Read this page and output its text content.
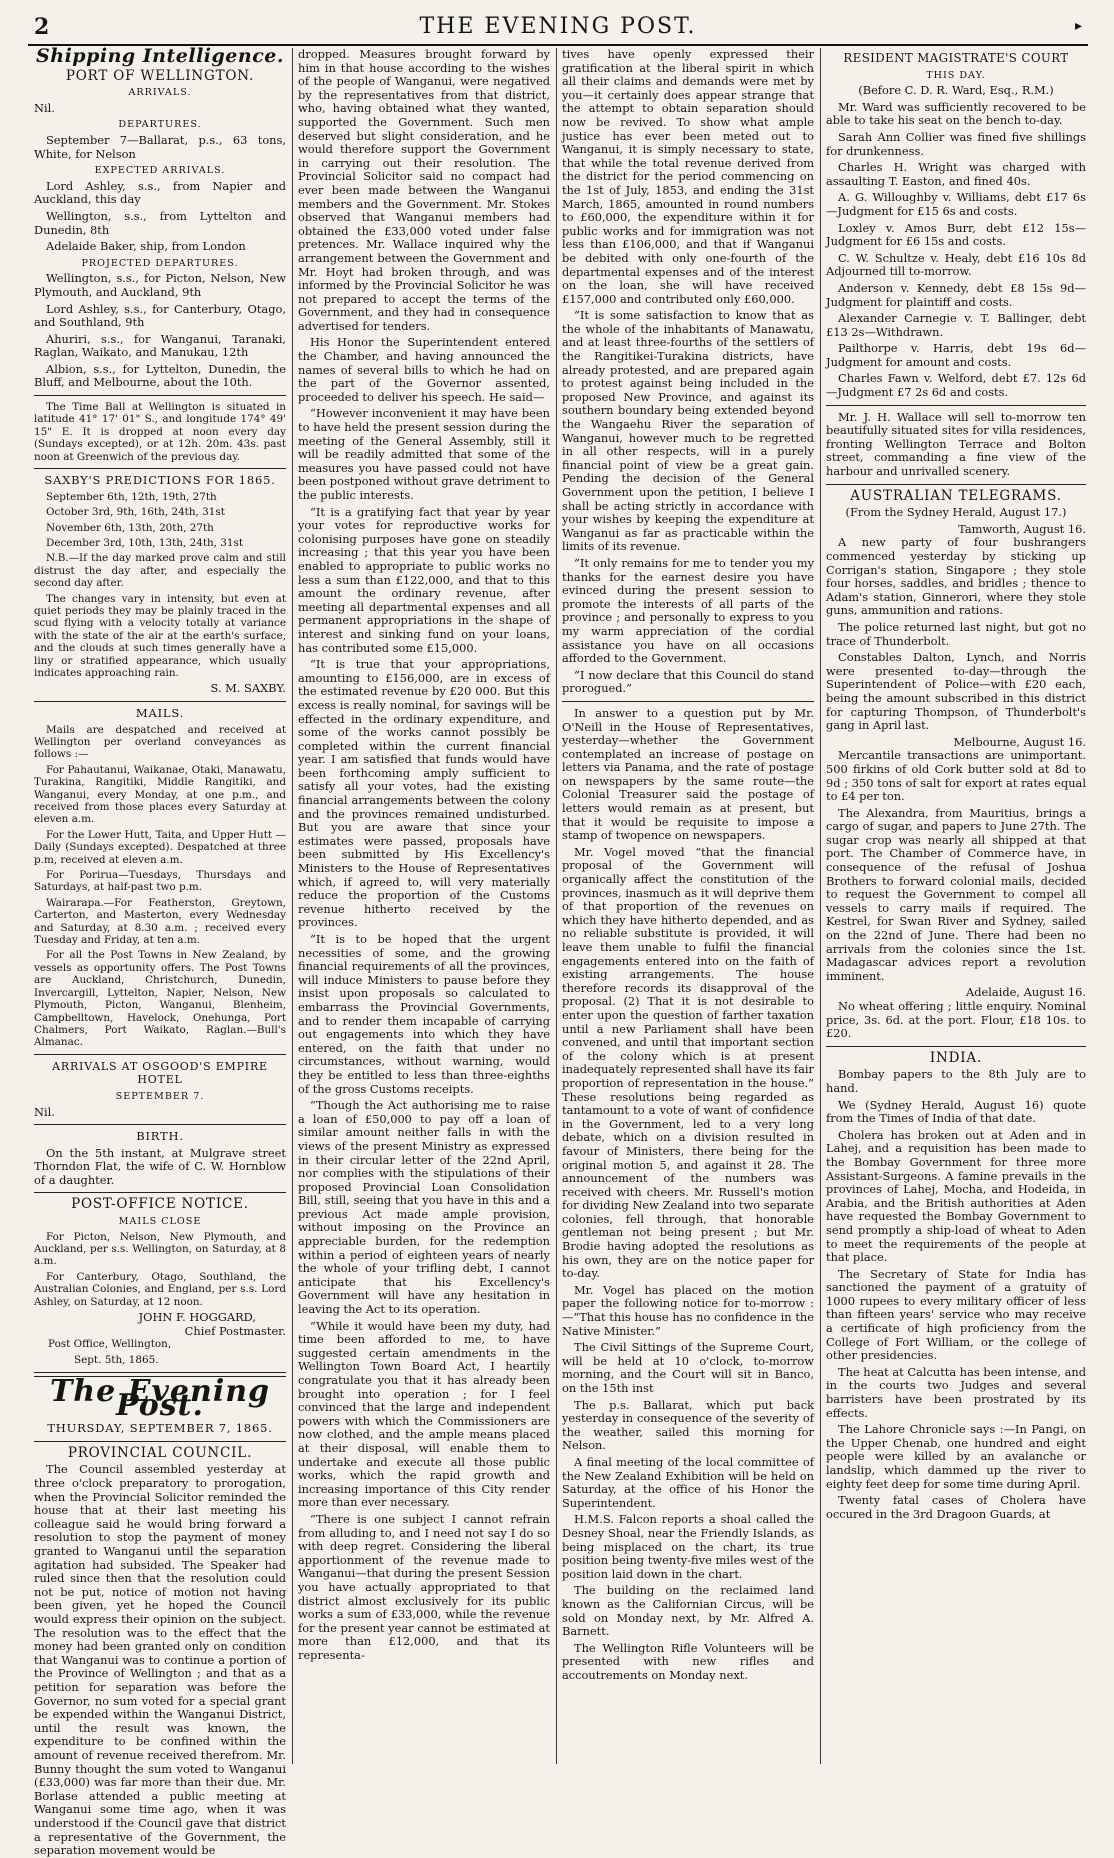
2	THE EVENING POST.	▸
Shipping Intelligence.
PORT OF WELLINGTON.
ARRIVALS.

Nil.

DEPARTURES.

September 7—Ballarat, p.s., 63 tons, White, for Nelson

EXPECTED ARRIVALS.

Lord Ashley, s.s., from Napier and Auckland, this day

Wellington, s.s., from Lyttelton and Dunedin, 8th

Adelaide Baker, ship, from London

PROJECTED DEPARTURES.

Wellington, s.s., for Picton, Nelson, New Plymouth, and Auckland, 9th

Lord Ashley, s.s., for Canterbury, Otago, and Southland, 9th

Ahuriri, s.s., for Wanganui, Taranaki, Raglan, Waikato, and Manukau, 12th

Albion, s.s., for Lyttelton, Dunedin, the Bluff, and Melbourne, about the 10th.

The Time Ball at Wellington is situated in latitude 41° 17' 01" S., and longitude 174° 49' 15" E. It is dropped at noon every day (Sundays excepted), or at 12h. 20m. 43s. past noon at Greenwich of the previous day.

SAXBY'S PREDICTIONS FOR 1865.

September 6th, 12th, 19th, 27th

October 3rd, 9th, 16th, 24th, 31st

November 6th, 13th, 20th, 27th

December 3rd, 10th, 13th, 24th, 31st

N.B.—If the day marked prove calm and still distrust the day after, and especially the second day after.

The changes vary in intensity, but even at quiet periods they may be plainly traced in the scud flying with a velocity totally at variance with the state of the air at the earth's surface, and the clouds at such times generally have a liny or stratified appearance, which usually indicates approaching rain.

S. M. SAXBY.
MAILS.

Mails are despatched and received at Wellington per overland conveyances as follows :—

For Pahautanui, Waikanae, Otaki, Manawatu, Turakina, Rangitiki, Middle Rangitiki, and Wanganui, every Monday, at one p.m., and received from those places every Saturday at eleven a.m.

For the Lower Hutt, Taita, and Upper Hutt —Daily (Sundays excepted). Despatched at three p.m, received at eleven a.m.

For Porirua—Tuesdays, Thursdays and Saturdays, at half-past two p.m.

Wairarapa.—For Featherston, Greytown, Carterton, and Masterton, every Wednesday and Saturday, at 8.30 a.m. ; received every Tuesday and Friday, at ten a.m.

For all the Post Towns in New Zealand, by vessels as opportunity offers. The Post Towns are Auckland, Christchurch, Dunedin, Invercargill, Lyttelton, Napier, Nelson, New Plymouth, Picton, Wanganui, Blenheim, Campbelltown, Havelock, Onehunga, Port Chalmers, Port Waikato, Raglan.—Bull's Almanac.

ARRIVALS AT OSGOOD'S EMPIRE HOTEL
SEPTEMBER 7.

Nil.

BIRTH.

On the 5th instant, at Mulgrave street Thorndon Flat, the wife of C. W. Hornblow of a daughter.

POST-OFFICE NOTICE.
MAILS CLOSE

For Picton, Nelson, New Plymouth, and Auckland, per s.s. Wellington, on Saturday, at 8 a.m.

For Canterbury, Otago, Southland, the Australian Colonies, and England, per s.s. Lord Ashley, on Saturday, at 12 noon.

JOHN F. HOGGARD,
Chief Postmaster.

Post Office, Wellington,

Sept. 5th, 1865.

The Evening Post.
THURSDAY, SEPTEMBER 7, 1865.
PROVINCIAL COUNCIL.

The Council assembled yesterday at three o'clock preparatory to prorogation, when the Provincial Solicitor reminded the house that at their last meeting his colleague said he would bring forward a resolution to stop the payment of money granted to Wanganui until the separation agitation had subsided. The Speaker had ruled since then that the resolution could not be put, notice of motion not having been given, yet he hoped the Council would express their opinion on the subject. The resolution was to the effect that the money had been granted only on condition that Wanganui was to continue a portion of the Province of Wellington ; and that as a petition for separation was before the Governor, no sum voted for a special grant be expended within the Wanganui District, until the result was known, the expenditure to be confined within the amount of revenue received therefrom. Mr. Bunny thought the sum voted to Wanganui (£33,000) was far more than their due. Mr. Borlase attended a public meeting at Wanganui some time ago, when it was understood if the Council gave that district a representative of the Government, the separation movement would be

dropped. Measures brought forward by him in that house according to the wishes of the people of Wanganui, were negatived by the representatives from that district, who, having obtained what they wanted, supported the Government. Such men deserved but slight consideration, and he would therefore support the Government in carrying out their resolution. The Provincial Solicitor said no compact had ever been made between the Wanganui members and the Government. Mr. Stokes observed that Wanganui members had obtained the £33,000 voted under false pretences. Mr. Wallace inquired why the arrangement between the Government and Mr. Hoyt had broken through, and was informed by the Provincial Solicitor he was not prepared to accept the terms of the Government, and they had in consequence advertised for tenders.

His Honor the Superintendent entered the Chamber, and having announced the names of several bills to which he had on the part of the Governor assented, proceeded to deliver his speech. He said—

“However inconvenient it may have been to have held the present session during the meeting of the General Assembly, still it will be readily admitted that some of the measures you have passed could not have been postponed without grave detriment to the public interests.

“It is a gratifying fact that year by year your votes for reproductive works for colonising purposes have gone on steadily increasing ; that this year you have been enabled to appropriate to public works no less a sum than £122,000, and that to this amount the ordinary revenue, after meeting all departmental expenses and all permanent appropriations in the shape of interest and sinking fund on your loans, has contributed some £15,000.

“It is true that your appropriations, amounting to £156,000, are in excess of the estimated revenue by £20 000. But this excess is really nominal, for savings will be effected in the ordinary expenditure, and some of the works cannot possibly be completed within the current financial year. I am satisfied that funds would have been forthcoming amply sufficient to satisfy all your votes, had the existing financial arrangements between the colony and the provinces remained undisturbed. But you are aware that since your estimates were passed, proposals have been submitted by His Excellency's Ministers to the House of Representatives which, if agreed to, will very materially reduce the proportion of the Customs revenue hitherto received by the provinces.

“It is to be hoped that the urgent necessities of some, and the growing financial requirements of all the provinces, will induce Ministers to pause before they insist upon proposals so calculated to embarrass the Provincial Governments, and to render them incapable of carrying out engagements into which they have entered, on the faith that under no circumstances, without warning, would they be entitled to less than three-eighths of the gross Customs receipts.

“Though the Act authorising me to raise a loan of £50,000 to pay off a loan of similar amount neither falls in with the views of the present Ministry as expressed in their circular letter of the 22nd April, nor complies with the stipulations of their proposed Provincial Loan Consolidation Bill, still, seeing that you have in this and a previous Act made ample provision, without imposing on the Province an appreciable burden, for the redemption within a period of eighteen years of nearly the whole of your trifling debt, I cannot anticipate that his Excellency's Government will have any hesitation in leaving the Act to its operation.

“While it would have been my duty, had time been afforded to me, to have suggested certain amendments in the Wellington Town Board Act, I heartily congratulate you that it has already been brought into operation ; for I feel convinced that the large and independent powers with which the Commissioners are now clothed, and the ample means placed at their disposal, will enable them to undertake and execute all those public works, which the rapid growth and increasing importance of this City render more than ever necessary.

“There is one subject I cannot refrain from alluding to, and I need not say I do so with deep regret. Considering the liberal apportionment of the revenue made to Wanganui—that during the present Session you have actually appropriated to that district almost exclusively for its public works a sum of £33,000, while the revenue for the present year cannot be estimated at more than £12,000, and that its representa-

tives have openly expressed their gratification at the liberal spirit in which all their claims and demands were met by you—it certainly does appear strange that the attempt to obtain separation should now be revived. To show what ample justice has ever been meted out to Wanganui, it is simply necessary to state, that while the total revenue derived from the district for the period commencing on the 1st of July, 1853, and ending the 31st March, 1865, amounted in round numbers to £60,000, the expenditure within it for public works and for immigration was not less than £106,000, and that if Wanganui be debited with only one-fourth of the departmental expenses and of the interest on the loan, she will have received £157,000 and contributed only £60,000.

“It is some satisfaction to know that as the whole of the inhabitants of Manawatu, and at least three-fourths of the settlers of the Rangitikei-Turakina districts, have already protested, and are prepared again to protest against being included in the proposed New Province, and against its southern boundary being extended beyond the Wangaehu River the separation of Wanganui, however much to be regretted in all other respects, will in a purely financial point of view be a great gain. Pending the decision of the General Government upon the petition, I believe I shall be acting strictly in accordance with your wishes by keeping the expenditure at Wanganui as far as practicable within the limits of its revenue.

“It only remains for me to tender you my thanks for the earnest desire you have evinced during the present session to promote the interests of all parts of the province ; and personally to express to you my warm appreciation of the cordial assistance you have on all occasions afforded to the Government.

“I now declare that this Council do stand prorogued.”

In answer to a question put by Mr. O'Neill in the House of Representatives, yesterday—whether the Government contemplated an increase of postage on letters via Panama, and the rate of postage on newspapers by the same route—the Colonial Treasurer said the postage of letters would remain as at present, but that it would be requisite to impose a stamp of twopence on newspapers.

Mr. Vogel moved “that the financial proposal of the Government will organically affect the constitution of the provinces, inasmuch as it will deprive them of that proportion of the revenues on which they have hitherto depended, and as no reliable substitute is provided, it will leave them unable to fulfil the financial engagements entered into on the faith of existing arrangements. The house therefore records its disapproval of the proposal. (2) That it is not desirable to enter upon the question of farther taxation until a new Parliament shall have been convened, and until that important section of the colony which is at present inadequately represented shall have its fair proportion of representation in the house.” These resolutions being regarded as tantamount to a vote of want of confidence in the Government, led to a very long debate, which on a division resulted in favour of Ministers, there being for the original motion 5, and against it 28. The announcement of the numbers was received with cheers. Mr. Russell's motion for dividing New Zealand into two separate colonies, fell through, that honorable gentleman not being present ; but Mr. Brodie having adopted the resolutions as his own, they are on the notice paper for to-day.

Mr. Vogel has placed on the motion paper the following notice for to-morrow :—“That this house has no confidence in the Native Minister.”

The Civil Sittings of the Supreme Court, will be held at 10 o'clock, to-morrow morning, and the Court will sit in Banco, on the 15th inst

The p.s. Ballarat, which put back yesterday in consequence of the severity of the weather, sailed this morning for Nelson.

A final meeting of the local committee of the New Zealand Exhibition will be held on Saturday, at the office of his Honor the Superintendent.

H.M.S. Falcon reports a shoal called the Desney Shoal, near the Friendly Islands, as being misplaced on the chart, its true position being twenty-five miles west of the position laid down in the chart.

The building on the reclaimed land known as the Californian Circus, will be sold on Monday next, by Mr. Alfred A. Barnett.

The Wellington Rifle Volunteers will be presented with new rifles and accoutrements on Monday next.

RESIDENT MAGISTRATE'S COURT
THIS DAY.

(Before C. D. R. Ward, Esq., R.M.)

Mr. Ward was sufficiently recovered to be able to take his seat on the bench to-day.

Sarah Ann Collier was fined five shillings for drunkenness.

Charles H. Wright was charged with assaulting T. Easton, and fined 40s.

A. G. Willoughby v. Williams, debt £17 6s —Judgment for £15 6s and costs.

Loxley v. Amos Burr, debt £12 15s—Judgment for £6 15s and costs.

C. W. Schultze v. Healy, debt £16 10s 8d Adjourned till to-morrow.

Anderson v. Kennedy, debt £8 15s 9d—Judgment for plaintiff and costs.

Alexander Carnegie v. T. Ballinger, debt £13 2s—Withdrawn.

Pailthorpe v. Harris, debt 19s 6d—Judgment for amount and costs.

Charles Fawn v. Welford, debt £7. 12s 6d —Judgment £7 2s 6d and costs.

Mr. J. H. Wallace will sell to-morrow ten beautifully situated sites for villa residences, fronting Wellington Terrace and Bolton street, commanding a fine view of the harbour and unrivalled scenery.

AUSTRALIAN TELEGRAMS.

(From the Sydney Herald, August 17.)

Tamworth, August 16.

A new party of four bushrangers commenced yesterday by sticking up Corrigan's station, Singapore ; they stole four horses, saddles, and bridles ; thence to Adam's station, Ginnerori, where they stole guns, ammunition and rations.

The police returned last night, but got no trace of Thunderbolt.

Constables Dalton, Lynch, and Norris were presented to-day—through the Superintendent of Police—with £20 each, being the amount subscribed in this district for capturing Thompson, of Thunderbolt's gang in April last.

Melbourne, August 16.

Mercantile transactions are unimportant. 500 firkins of old Cork butter sold at 8d to 9d ; 350 tons of salt for export at rates equal to £4 per ton.

The Alexandra, from Mauritius, brings a cargo of sugar, and papers to June 27th. The sugar crop was nearly all shipped at that port. The Chamber of Commerce have, in consequence of the refusal of Joshua Brothers to forward colonial mails, decided to request the Government to compel all vessels to carry mails if required. The Kestrel, for Swan River and Sydney, sailed on the 22nd of June. There had been no arrivals from the colonies since the 1st. Madagascar advices report a revolution imminent.

Adelaide, August 16.

No wheat offering ; little enquiry. Nominal price, 3s. 6d. at the port. Flour, £18 10s. to £20.

INDIA.

Bombay papers to the 8th July are to hand.

We (Sydney Herald, August 16) quote from the Times of India of that date.

Cholera has broken out at Aden and in Lahej, and a requisition has been made to the Bombay Government for three more Assistant-Surgeons. A famine prevails in the provinces of Lahej, Mocha, and Hodeida, in Arabia, and the British authorities at Aden have requested the Bombay Government to send promptly a ship-load of wheat to Aden to meet the requirements of the people at that place.

The Secretary of State for India has sanctioned the payment of a gratuity of 1000 rupees to every military officer of less than fifteen years' service who may receive a certificate of high proficiency from the College of Fort William, or the college of other presidencies.

The heat at Calcutta has been intense, and in the courts two Judges and several barristers have been prostrated by its effects.

The Lahore Chronicle says :—In Pangi, on the Upper Chenab, one hundred and eight people were killed by an avalanche or landslip, which dammed up the river to eighty feet deep for some time during April.

Twenty fatal cases of Cholera have occured in the 3rd Dragoon Guards, at
